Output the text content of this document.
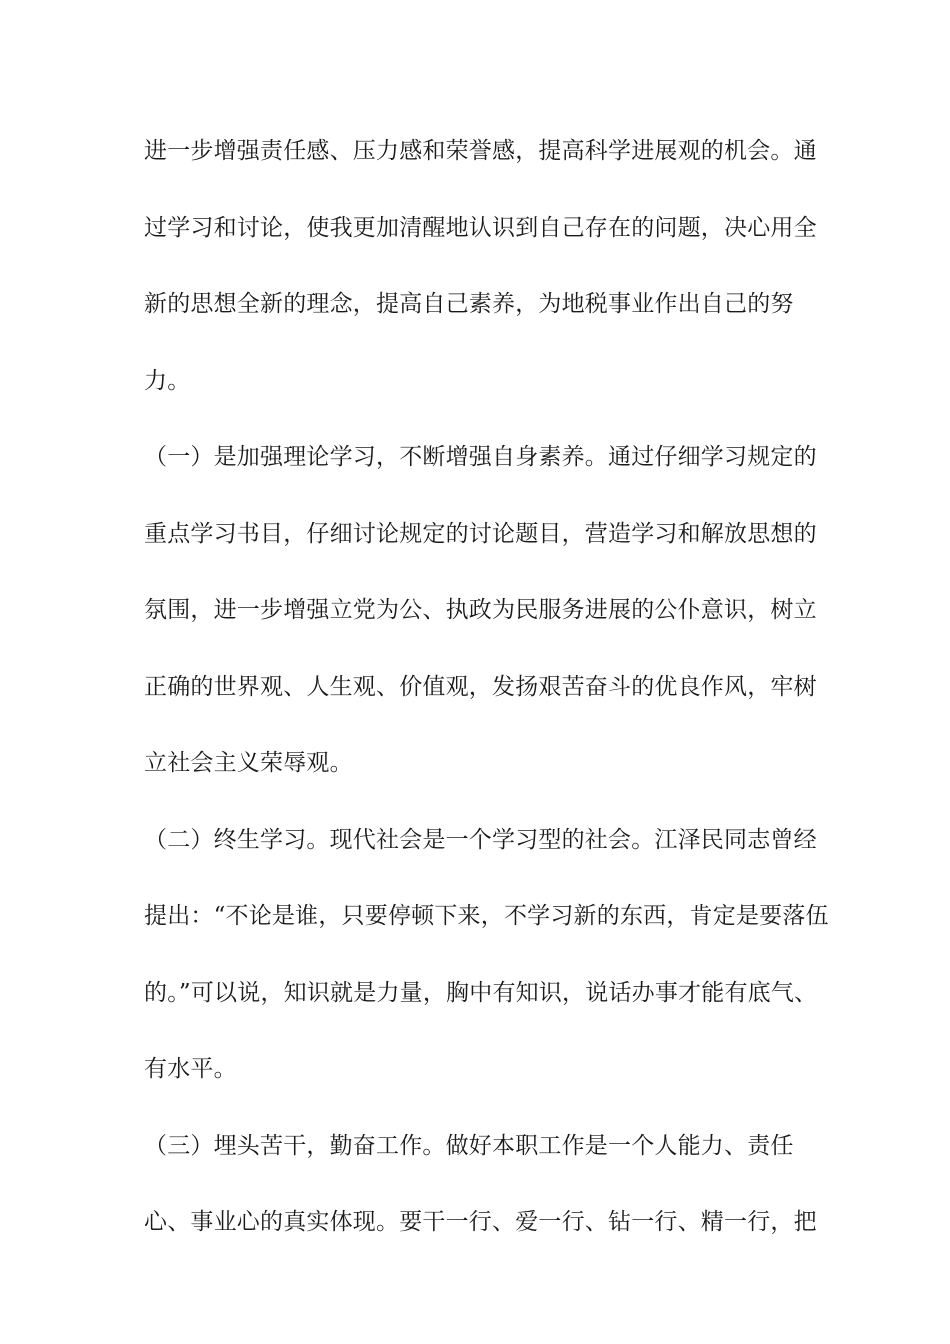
进一步增强责任感、压力感和荣誉感，提高科学进展观的机会。通
过学习和讨论，使我更加清醒地认识到自己存在的问题，决心用全
新的思想全新的理念，提高自己素养，为地税事业作出自己的努
力。
（一）是加强理论学习，不断增强自身素养。通过仔细学习规定的
重点学习书目，仔细讨论规定的讨论题目，营造学习和解放思想的
氛围，进一步增强立党为公、执政为民服务进展的公仆意识，树立
正确的世界观、人生观、价值观，发扬艰苦奋斗的优良作风，牢树
立社会主义荣辱观。
（二）终生学习。现代社会是一个学习型的社会。江泽民同志曾经
提出：“不论是谁，只要停顿下来，不学习新的东西，肯定是要落伍
的。”可以说，知识就是力量，胸中有知识，说话办事才能有底气、
有水平。
（三）埋头苦干，勤奋工作。做好本职工作是一个人能力、责任
心、事业心的真实体现。要干一行、爱一行、钻一行、精一行，把
